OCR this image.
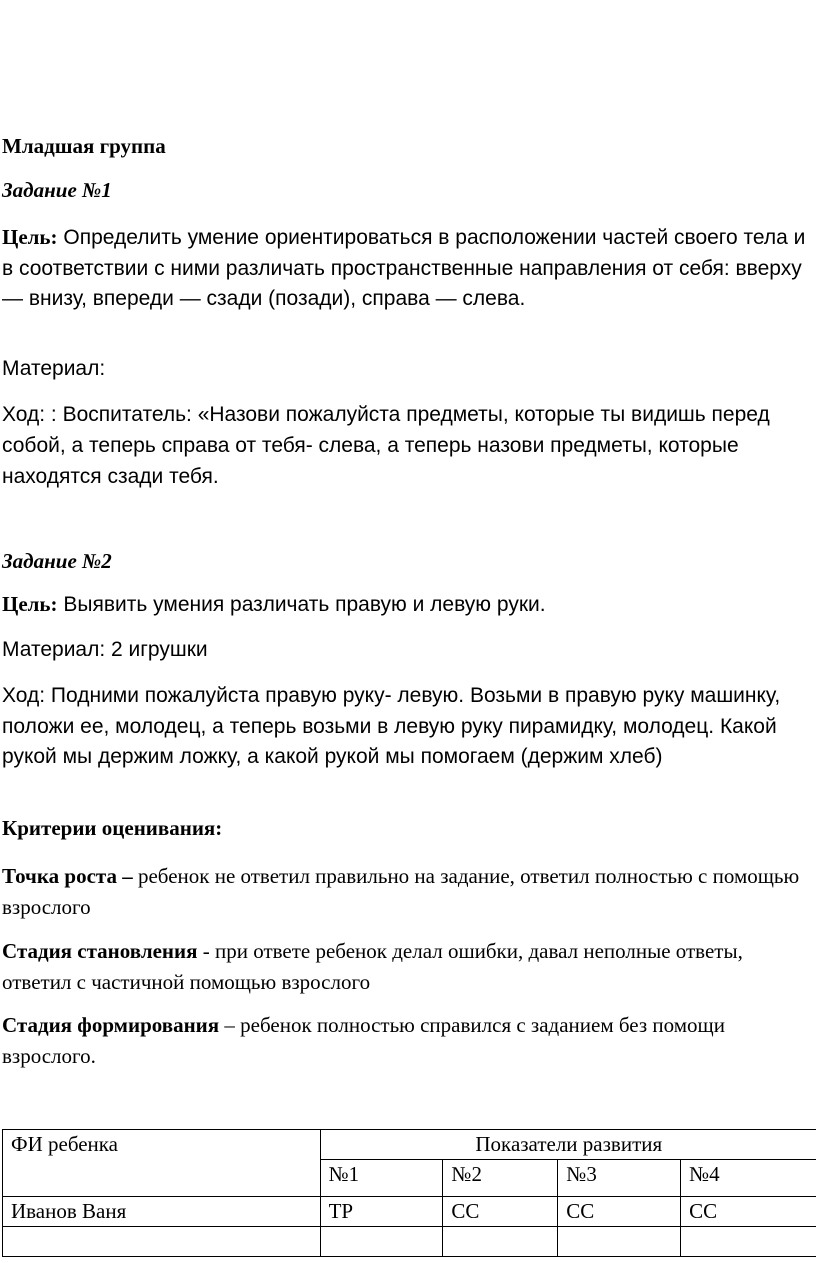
Младшая группа

Задание №1

Цель: Определить умение ориентироваться в расположении частей своего тела и в соответствии с ними различать пространственные направления от себя: вверху — внизу, впереди — сзади (позади), справа — слева.

Материал:

Ход: : Воспитатель: «Назови пожалуйста предметы, которые ты видишь перед собой, а теперь справа от тебя- слева, а теперь назови предметы, которые находятся сзади тебя.

Задание №2

Цель: Выявить умения различать правую и левую руки.

Материал: 2 игрушки

Ход: Подними пожалуйста правую руку- левую. Возьми в правую руку машинку, положи ее, молодец, а теперь возьми в левую руку пирамидку, молодец. Какой рукой мы держим ложку, а какой рукой мы помогаем (держим хлеб)

Критерии оценивания:

Точка роста – ребенок не ответил правильно на задание, ответил полностью с помощью взрослого

Стадия становления - при ответе ребенок делал ошибки, давал неполные ответы, ответил с частичной помощью взрослого

Стадия формирования – ребенок полностью справился с заданием без помощи взрослого.

ФИ ребенка	Показатели развития			
	№1	№2	№3	№4
Иванов Ваня	ТР	СС	СС	СС
